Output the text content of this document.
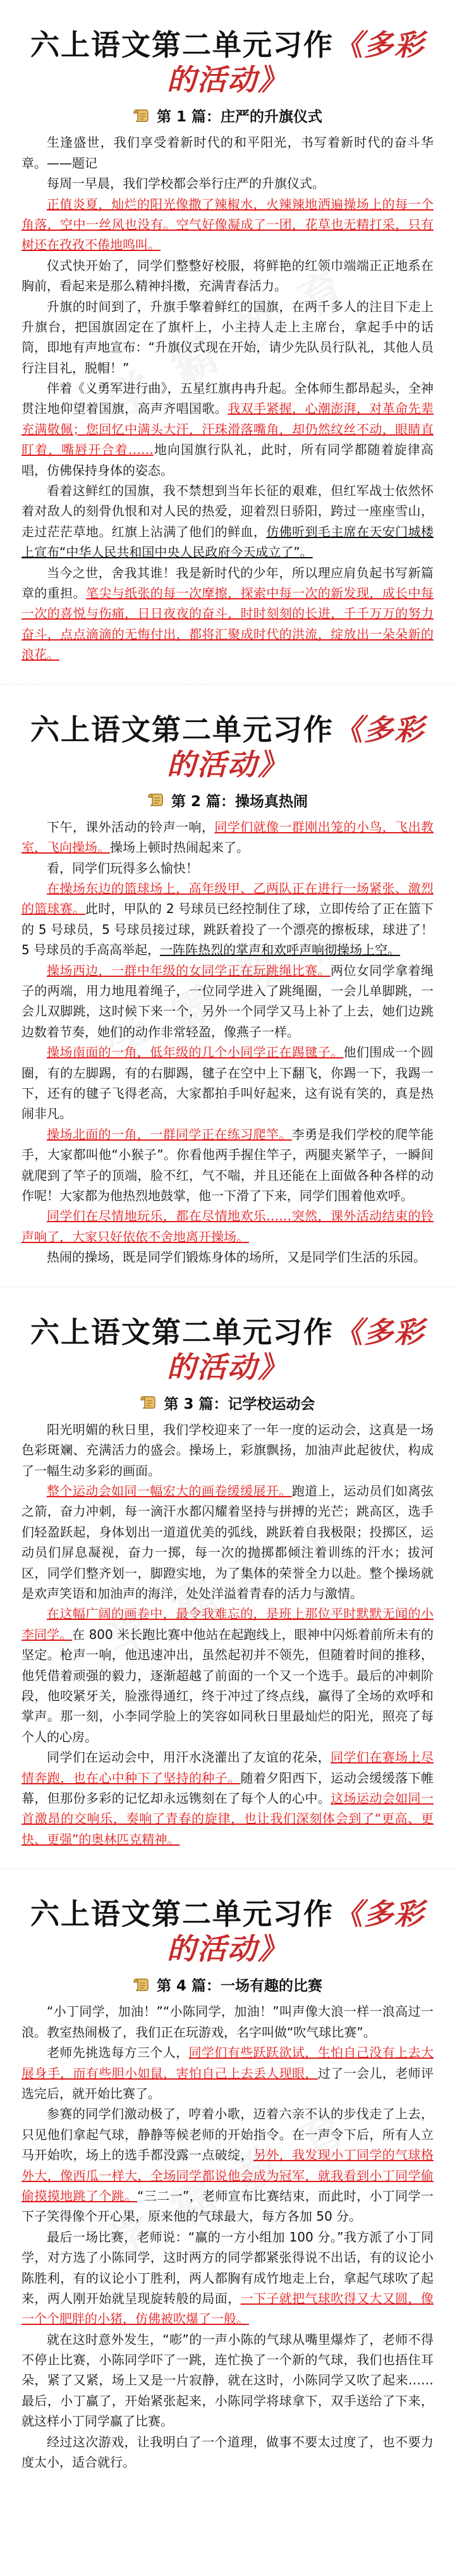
六上语文第二单元习作《多彩的活动》
第 1 篇：庄严的升旗仪式

生逢盛世，我们享受着新时代的和平阳光，书写着新时代的奋斗华章。——题记

每周一早晨，我们学校都会举行庄严的升旗仪式。

正值炎夏，灿烂的阳光像撒了辣椒水，火辣辣地洒遍操场上的每一个角落，空中一丝风也没有。空气好像凝成了一团，花草也无精打采，只有树还在孜孜不倦地鸣叫。

仪式快开始了，同学们整整好校服，将鲜艳的红领巾端端正正地系在胸前，看起来是那么精神抖擞，充满青春活力。

升旗的时间到了，升旗手擎着鲜红的国旗，在两千多人的注目下走上升旗台，把国旗固定在了旗杆上，小主持人走上主席台，拿起手中的话筒，即地有声地宣布：“升旗仪式现在开始，请少先队员行队礼，其他人员行注目礼，脱帽！”

伴着《义勇军进行曲》，五星红旗冉冉升起。全体师生都昂起头，全神贯注地仰望着国旗，高声齐唱国歌。我双手紧握，心潮澎湃，对革命先辈充满敬佩；您回忆中满头大汗，汗珠滑落嘴角，却仍然纹丝不动，眼睛直盯着，嘴唇开合着……地向国旗行队礼，此时，所有同学都随着旋律高唱，仿佛保持身体的姿态。

看着这鲜红的国旗，我不禁想到当年长征的艰难，但红军战士依然怀着对敌人的刻骨仇恨和对人民的热爱，迎着烈日骄阳，跨过一座座雪山，走过茫茫草地。红旗上沾满了他们的鲜血，仿佛听到毛主席在天安门城楼上宣布“中华人民共和国中央人民政府今天成立了”。

当今之世，舍我其谁！我是新时代的少年，所以理应肩负起书写新篇章的重担。笔尖与纸张的每一次摩擦，探索中每一次的新发现，成长中每一次的喜悦与伤痛，日日夜夜的奋斗，时时刻刻的长进，千千万万的努力奋斗，点点滴滴的无悔付出，都将汇聚成时代的洪流，绽放出一朵朵新的浪花。

六上语文第二单元习作《多彩的活动》
第 2 篇：操场真热闹

下午，课外活动的铃声一响，同学们就像一群刚出笼的小鸟，飞出教室，飞向操场。操场上顿时热闹起来了。

看，同学们玩得多么愉快！

在操场东边的篮球场上，高年级甲、乙两队正在进行一场紧张、激烈的篮球赛。此时，甲队的 2 号球员已经控制住了球，立即传给了正在篮下的 5 号球员，5 号球员接过球，跳跃着投了一个漂亮的擦板球，球进了！5 号球员的手高高举起，一阵阵热烈的掌声和欢呼声响彻操场上空。

操场西边，一群中年级的女同学正在玩跳绳比赛。两位女同学拿着绳子的两端，用力地甩着绳子，一位同学进入了跳绳圈，一会儿单脚跳，一会儿双脚跳，这时候下来一个，另外一个同学又马上补了上去，她们边跳边数着节奏，她们的动作非常轻盈，像燕子一样。

操场南面的一角，低年级的几个小同学正在踢毽子。他们围成一个圆圈，有的左脚踢，有的右脚踢，毽子在空中上下翻飞，你踢一下，我踢一下，还有的毽子飞得老高，大家都拍手叫好起来，这有说有笑的，真是热闹非凡。

操场北面的一角，一群同学正在练习爬竿。李勇是我们学校的爬竿能手，大家都叫他“小猴子”。你看他两手握住竿子，两腿夹紧竿子，一瞬间就爬到了竿子的顶端，脸不红，气不喘，并且还能在上面做各种各样的动作呢！大家都为他热烈地鼓掌，他一下滑了下来，同学们围着他欢呼。

同学们在尽情地玩乐，都在尽情地欢乐……突然，课外活动结束的铃声响了，大家只好依依不舍地离开操场。

热闹的操场，既是同学们锻炼身体的场所，又是同学们生活的乐园。

六上语文第二单元习作《多彩的活动》
第 3 篇：记学校运动会

阳光明媚的秋日里，我们学校迎来了一年一度的运动会，这真是一场色彩斑斓、充满活力的盛会。操场上，彩旗飘扬，加油声此起彼伏，构成了一幅生动多彩的画面。

整个运动会如同一幅宏大的画卷缓缓展开。跑道上，运动员们如离弦之箭，奋力冲刺，每一滴汗水都闪耀着坚持与拼搏的光芒；跳高区，选手们轻盈跃起，身体划出一道道优美的弧线，跳跃着自我极限；投掷区，运动员们屏息凝视，奋力一掷，每一次的抛掷都倾注着训练的汗水；拔河区，同学们整齐划一，脚蹬实地，为了集体的荣誉全力以赴。整个操场就是欢声笑语和加油声的海洋，处处洋溢着青春的活力与激情。

在这幅广阔的画卷中，最令我难忘的，是班上那位平时默默无闻的小李同学。在 800 米长跑比赛中他站在起跑线上，眼神中闪烁着前所未有的坚定。枪声一响，他迅速冲出，虽然起初并不领先，但随着时间的推移，他凭借着顽强的毅力，逐渐超越了前面的一个又一个选手。最后的冲刺阶段，他咬紧牙关，脸涨得通红，终于冲过了终点线，赢得了全场的欢呼和掌声。那一刻，小李同学脸上的笑容如同秋日里最灿烂的阳光，照亮了每个人的心房。

同学们在运动会中，用汗水浇灌出了友谊的花朵，同学们在赛场上尽情奔跑，也在心中种下了坚持的种子。随着夕阳西下，运动会缓缓落下帷幕，但那份多彩的记忆却永远镌刻在了每个人的心中。这场运动会如同一首激昂的交响乐，奏响了青春的旋律，也让我们深刻体会到了“更高、更快、更强”的奥林匹克精神。

六上语文第二单元习作《多彩的活动》
第 4 篇：一场有趣的比赛

“小丁同学，加油！”“小陈同学，加油！”叫声像大浪一样一浪高过一浪。教室热闹极了，我们正在玩游戏，名字叫做“吹气球比赛”。

老师先挑选每方三个人，同学们有些跃跃欲试，生怕自己没有上去大展身手，而有些胆小如鼠，害怕自己上去丢人现眼，过了一会儿，老师评选完后，就开始比赛了。

参赛的同学们激动极了，哼着小歌，迈着六亲不认的步伐走了上去，只见他们拿起气球，静静等候老师的开始指令。在一声令下后，所有人立马开始吹，场上的选手都没露一点破绽，另外，我发现小丁同学的气球格外大，像西瓜一样大，全场同学都说他会成为冠军，就我看到小丁同学偷偷摸摸地跳了个跳。“三二一”，老师宣布比赛结束，而此时，小丁同学一下子笑得像个开心果，原来他的气球最大，每方各加 50 分。

最后一场比赛，老师说：“赢的一方小组加 100 分。”我方派了小丁同学，对方选了小陈同学，这时两方的同学都紧张得说不出话，有的议论小陈胜利，有的议论小丁胜利，两人都胸有成竹地走上台，拿起气球吹了起来，两人刚开始就呈现旋转般的局面，一下子就把气球吹得又大又圆，像一个个肥胖的小猪，仿佛被吹爆了一般。

就在这时意外发生，“嘭”的一声小陈的气球从嘴里爆炸了，老师不得不停止比赛，小陈同学吓了一跳，连忙换了一个新的气球，我们也捂住耳朵，紧了又紧，场上又是一片寂静，就在这时，小陈同学又吹了起来……最后，小丁赢了，开始紧张起来，小陈同学将球拿下，双手送给了下来，就这样小丁同学赢了比赛。

经过这次游戏，让我明白了一个道理，做事不要太过度了，也不要力度太小，适合就行。
